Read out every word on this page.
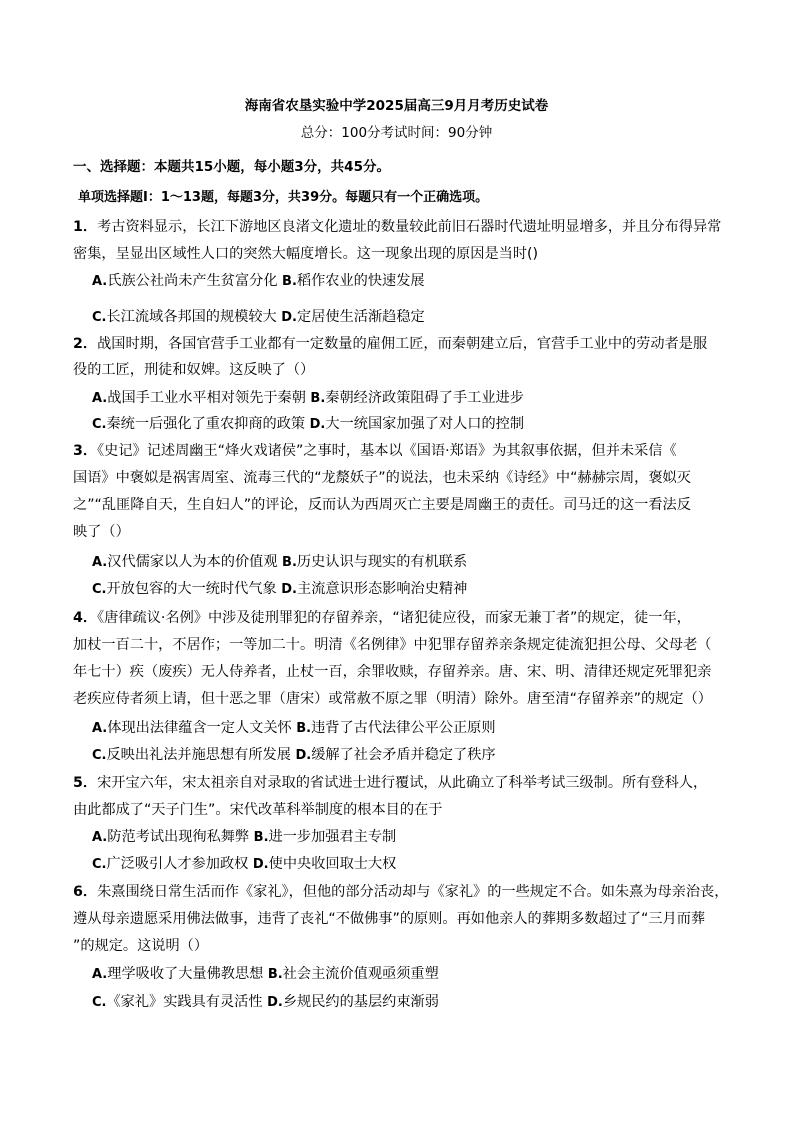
海南省农垦实验中学2025届高三9月月考历史试卷
总分：100分考试时间：90分钟
一、选择题：本题共15小题，每小题3分，共45分。
单项选择题Ⅰ：1～13题，每题3分，共39分。每题只有一个正确选项。
1．考古资料显示，长江下游地区良渚文化遗址的数量较此前旧石器时代遗址明显增多，并且分布得异常
密集，呈显出区域性人口的突然大幅度增长。这一现象出现的原因是当时()
A.氏族公社尚未产生贫富分化 B.稻作农业的快速发展
C.长江流域各邦国的规模较大 D.定居使生活渐趋稳定
2．战国时期，各国官营手工业都有一定数量的雇佣工匠，而秦朝建立后，官营手工业中的劳动者是服
役的工匠，刑徒和奴婢。这反映了（）
A.战国手工业水平相对领先于秦朝 B.秦朝经济政策阻碍了手工业进步
C.秦统一后强化了重农抑商的政策 D.大一统国家加强了对人口的控制
3．《史记》记述周幽王“烽火戏诸侯”之事时，基本以《国语·郑语》为其叙事依据，但并未采信《
国语》中褒姒是祸害周室、流毒三代的“龙漦妖子”的说法，也未采纳《诗经》中“赫赫宗周，褒姒灭
之”“乱匪降自天，生自妇人”的评论，反而认为西周灭亡主要是周幽王的责任。司马迁的这一看法反
映了（）
A.汉代儒家以人为本的价值观 B.历史认识与现实的有机联系
C.开放包容的大一统时代气象 D.主流意识形态影响治史精神
4．《唐律疏议·名例》中涉及徒刑罪犯的存留养亲，“诸犯徒应役，而家无兼丁者”的规定，徒一年，
加杖一百二十，不居作；一等加二十。明清《名例律》中犯罪存留养亲条规定徒流犯担公母、父母老（
年七十）疾（废疾）无人侍养者，止杖一百，余罪收赎，存留养亲。唐、宋、明、清律还规定死罪犯亲
老疾应侍者须上请，但十恶之罪（唐宋）或常赦不原之罪（明清）除外。唐至清“存留养亲”的规定（）
A.体现出法律蕴含一定人文关怀 B.违背了古代法律公平公正原则
C.反映出礼法并施思想有所发展 D.缓解了社会矛盾并稳定了秩序
5．宋开宝六年，宋太祖亲自对录取的省试进士进行覆试，从此确立了科举考试三级制。所有登科人，
由此都成了“天子门生”。宋代改革科举制度的根本目的在于
A.防范考试出现徇私舞弊 B.进一步加强君主专制
C.广泛吸引人才参加政权 D.使中央收回取士大权
6．朱熹围绕日常生活而作《家礼》，但他的部分活动却与《家礼》的一些规定不合。如朱熹为母亲治丧，
遵从母亲遗愿采用佛法做事，违背了丧礼“不做佛事”的原则。再如他亲人的葬期多数超过了“三月而葬
”的规定。这说明（）
A.理学吸收了大量佛教思想 B.社会主流价值观亟须重塑
C.《家礼》实践具有灵活性 D.乡规民约的基层约束渐弱
